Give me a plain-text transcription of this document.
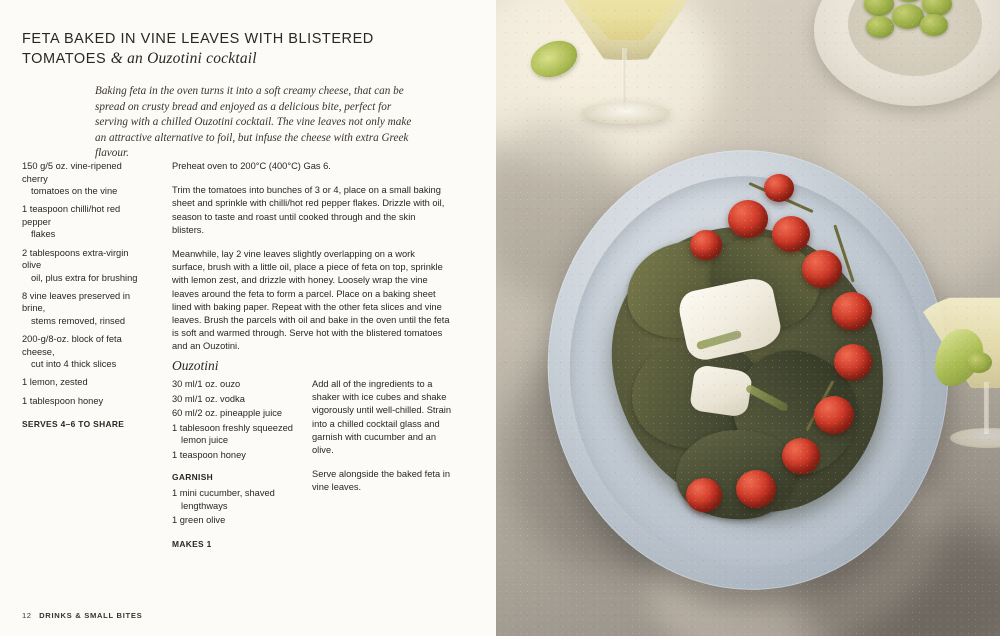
FETA BAKED IN VINE LEAVES WITH BLISTERED
TOMATOES & an Ouzotini cocktail
Baking feta in the oven turns it into a soft creamy cheese, that can be spread on crusty bread and enjoyed as a delicious bite, perfect for serving with a chilled Ouzotini cocktail. The vine leaves not only make an attractive alternative to foil, but infuse the cheese with extra Greek flavour.
150 g/5 oz. vine-ripened cherry
tomatoes on the vine
1 teaspoon chilli/hot red pepper
flakes
2 tablespoons extra-virgin olive
oil, plus extra for brushing
8 vine leaves preserved in brine,
stems removed, rinsed
200-g/8-oz. block of feta cheese,
cut into 4 thick slices
1 lemon, zested
1 tablespoon honey
SERVES 4–6 TO SHARE

Preheat oven to 200°C (400°C) Gas 6.

Trim the tomatoes into bunches of 3 or 4, place on a small baking sheet and sprinkle with chilli/hot red pepper flakes. Drizzle with oil, season to taste and roast until cooked through and the skin blisters.

Meanwhile, lay 2 vine leaves slightly overlapping on a work surface, brush with a little oil, place a piece of feta on top, sprinkle with lemon zest, and drizzle with honey. Loosely wrap the vine leaves around the feta to form a parcel. Place on a baking sheet lined with baking paper. Repeat with the other feta slices and vine leaves. Brush the parcels with oil and bake in the oven until the feta is soft and warmed through. Serve hot with the blistered tomatoes and an Ouzotini.

Ouzotini
30 ml/1 oz. ouzo
30 ml/1 oz. vodka
60 ml/2 oz. pineapple juice
1 tablesoon freshly squeezed
lemon juice
1 teaspoon honey
GARNISH
1 mini cucumber, shaved
lengthways
1 green olive
MAKES 1

Add all of the ingredients to a shaker with ice cubes and shake vigorously until well-chilled. Strain into a chilled cocktail glass and garnish with cucumber and an olive.

Serve alongside the baked feta in vine leaves.

12 DRINKS & SMALL BITES
